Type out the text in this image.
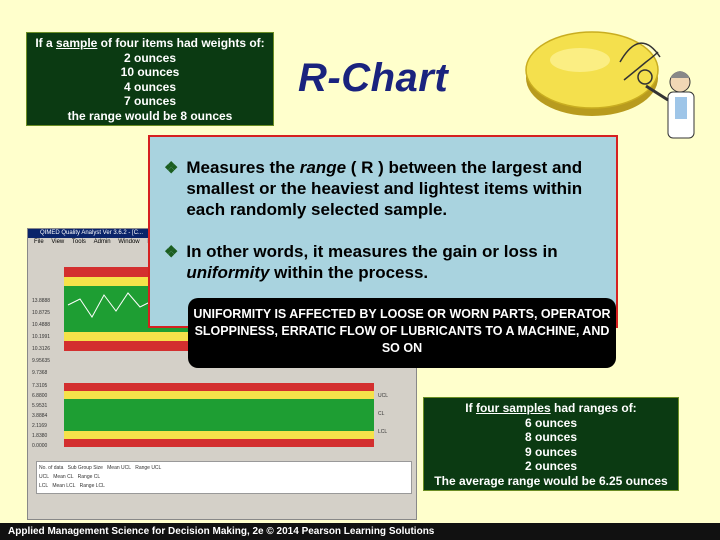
If a sample of four items had weights of:
2 ounces
10 ounces
4 ounces
7 ounces
the range would be 8 ounces
R-Chart
QIMED Quality Analyst Ver 3.6.2 - [C...
File View Tools Admin Window
13.8888
10.8725
10.4888
10.1991
10.3126
9.95635
9.7368
7.3105
6.8800
5.9531
3.8884
2.1169
1.8380
0.0000
UCL
CL
LCL
No. of data Sub Group Size Mean UCL Range UCL
UCL Mean CL Range CL
LCL Mean LCL Range LCL
❖ Measures the range ( R ) between the largest and smallest or the heaviest and lightest items within each randomly selected sample.
❖ In other words, it measures the gain or loss in uniformity within the process.
UNIFORMITY IS AFFECTED BY LOOSE OR WORN PARTS, OPERATOR SLOPPINESS, ERRATIC FLOW OF LUBRICANTS TO A MACHINE, AND SO ON
If four samples had ranges of:
6 ounces
8 ounces
9 ounces
2 ounces
The average range would be 6.25 ounces
Applied Management Science for Decision Making, 2e © 2014 Pearson Learning Solutions
